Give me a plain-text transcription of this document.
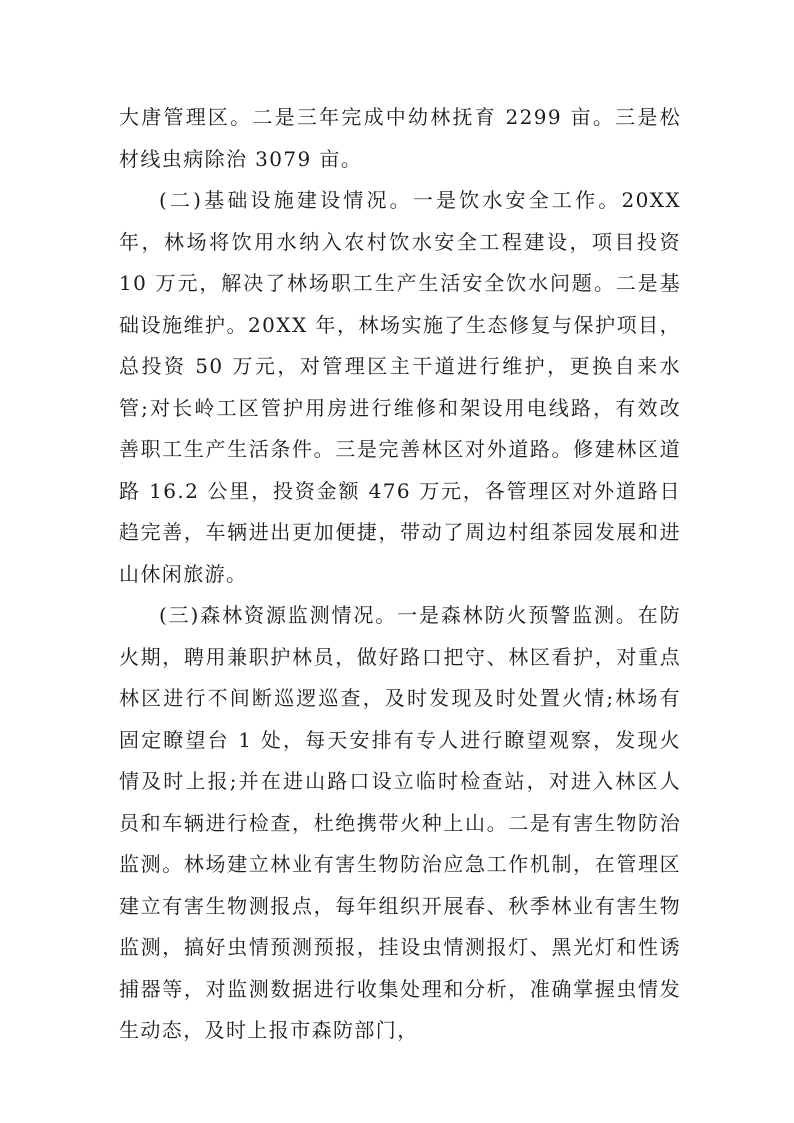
大唐管理区。二是三年完成中幼林抚育 2299 亩。三是松材线虫病除治 3079 亩。

(二)基础设施建设情况。一是饮水安全工作。20XX 年，林场将饮用水纳入农村饮水安全工程建设，项目投资 10 万元，解决了林场职工生产生活安全饮水问题。二是基础设施维护。20XX 年，林场实施了生态修复与保护项目，总投资 50 万元，对管理区主干道进行维护，更换自来水管;对长岭工区管护用房进行维修和架设用电线路，有效改善职工生产生活条件。三是完善林区对外道路。修建林区道路 16.2 公里，投资金额 476 万元，各管理区对外道路日趋完善，车辆进出更加便捷，带动了周边村组茶园发展和进山休闲旅游。

(三)森林资源监测情况。一是森林防火预警监测。在防火期，聘用兼职护林员，做好路口把守、林区看护，对重点林区进行不间断巡逻巡查，及时发现及时处置火情;林场有固定瞭望台 1 处，每天安排有专人进行瞭望观察，发现火情及时上报;并在进山路口设立临时检查站，对进入林区人员和车辆进行检查，杜绝携带火种上山。二是有害生物防治监测。林场建立林业有害生物防治应急工作机制，在管理区建立有害生物测报点，每年组织开展春、秋季林业有害生物监测，搞好虫情预测预报，挂设虫情测报灯、黑光灯和性诱捕器等，对监测数据进行收集处理和分析，准确掌握虫情发生动态，及时上报市森防部门，
